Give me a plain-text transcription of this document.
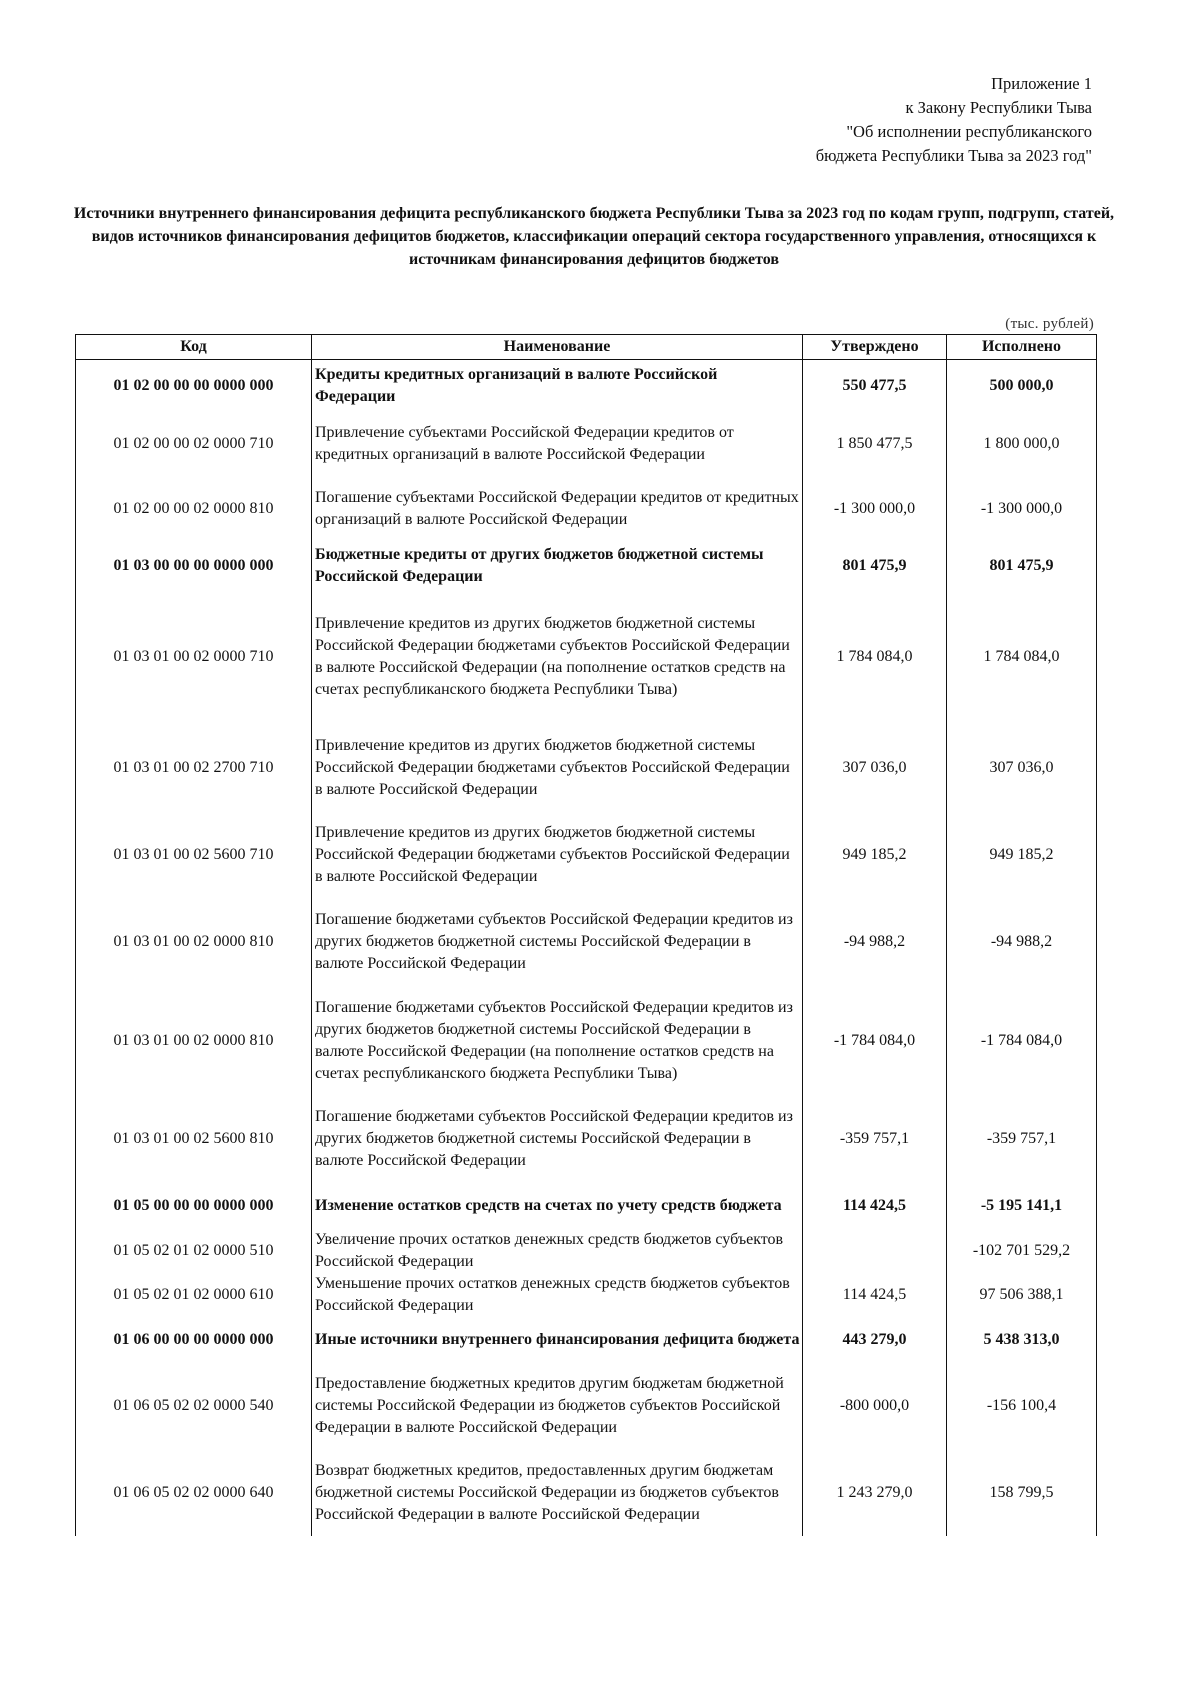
Приложение 1
к Закону Республики Тыва
"Об исполнении республиканского
бюджета Республики Тыва за 2023 год"
Источники внутреннего финансирования дефицита республиканского бюджета Республики Тыва за 2023 год по кодам групп, подгрупп, статей, видов источников финансирования дефицитов бюджетов, классификации операций сектора государственного управления, относящихся к источникам финансирования дефицитов бюджетов
(тыс. рублей)
Код	Наименование	Утверждено	Исполнено
01 02 00 00 00 0000 000	Кредиты кредитных организаций в валюте Российской Федерации	550 477,5	500 000,0
01 02 00 00 02 0000 710	Привлечение субъектами Российской Федерации кредитов от кредитных организаций в валюте Российской Федерации	1 850 477,5	1 800 000,0
01 02 00 00 02 0000 810	Погашение субъектами Российской Федерации кредитов от кредитных организаций в валюте Российской Федерации	-1 300 000,0	-1 300 000,0
01 03 00 00 00 0000 000	Бюджетные кредиты от других бюджетов бюджетной системы Российской Федерации	801 475,9	801 475,9
01 03 01 00 02 0000 710	Привлечение кредитов из других бюджетов бюджетной системы Российской Федерации бюджетами субъектов Российской Федерации в валюте Российской Федерации (на пополнение остатков средств на счетах республиканского бюджета Республики Тыва)	1 784 084,0	1 784 084,0
01 03 01 00 02 2700 710	Привлечение кредитов из других бюджетов бюджетной системы Российской Федерации бюджетами субъектов Российской Федерации в валюте Российской Федерации	307 036,0	307 036,0
01 03 01 00 02 5600 710	Привлечение кредитов из других бюджетов бюджетной системы Российской Федерации бюджетами субъектов Российской Федерации в валюте Российской Федерации	949 185,2	949 185,2
01 03 01 00 02 0000 810	Погашение бюджетами субъектов Российской Федерации кредитов из других бюджетов бюджетной системы Российской Федерации в валюте Российской Федерации	-94 988,2	-94 988,2
01 03 01 00 02 0000 810	Погашение бюджетами субъектов Российской Федерации кредитов из других бюджетов бюджетной системы Российской Федерации в валюте Российской Федерации (на пополнение остатков средств на счетах республиканского бюджета Республики Тыва)	-1 784 084,0	-1 784 084,0
01 03 01 00 02 5600 810	Погашение бюджетами субъектов Российской Федерации кредитов из других бюджетов бюджетной системы Российской Федерации в валюте Российской Федерации	-359 757,1	-359 757,1
01 05 00 00 00 0000 000	Изменение остатков средств на счетах по учету средств бюджета	114 424,5	-5 195 141,1
01 05 02 01 02 0000 510	Увеличение прочих остатков денежных средств бюджетов субъектов Российской Федерации		-102 701 529,2
01 05 02 01 02 0000 610	Уменьшение прочих остатков денежных средств бюджетов субъектов Российской Федерации	114 424,5	97 506 388,1
01 06 00 00 00 0000 000	Иные источники внутреннего финансирования дефицита бюджета	443 279,0	5 438 313,0
01 06 05 02 02 0000 540	Предоставление бюджетных кредитов другим бюджетам бюджетной системы Российской Федерации из бюджетов субъектов Российской Федерации в валюте Российской Федерации	-800 000,0	-156 100,4
01 06 05 02 02 0000 640	Возврат бюджетных кредитов, предоставленных другим бюджетам бюджетной системы Российской Федерации из бюджетов субъектов Российской Федерации в валюте Российской Федерации	1 243 279,0	158 799,5
